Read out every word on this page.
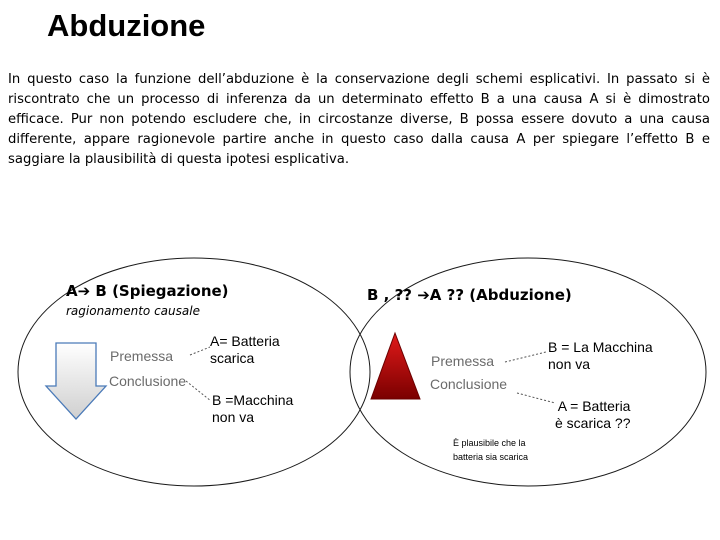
Abduzione
In questo caso la funzione dell’abduzione è la conservazione degli schemi esplicativi. In passato si è riscontrato che un processo di inferenza da un determinato effetto B a una causa A si è dimostrato efficace. Pur non potendo escludere che, in circostanze diverse, B possa essere dovuto a una causa differente, appare ragionevole partire anche in questo caso dalla causa A per spiegare l’effetto B e saggiare la plausibilità di questa ipotesi esplicativa.
A➔ B (Spiegazione)
ragionamento causale
Premessa
Conclusione
A= Batteria
scarica
B =Macchina
non va
B , ?? ➔A ?? (Abduzione)
Premessa
Conclusione
B = La Macchina
non va
A = Batteria
è scarica ??
È plausibile che la
batteria sia scarica
